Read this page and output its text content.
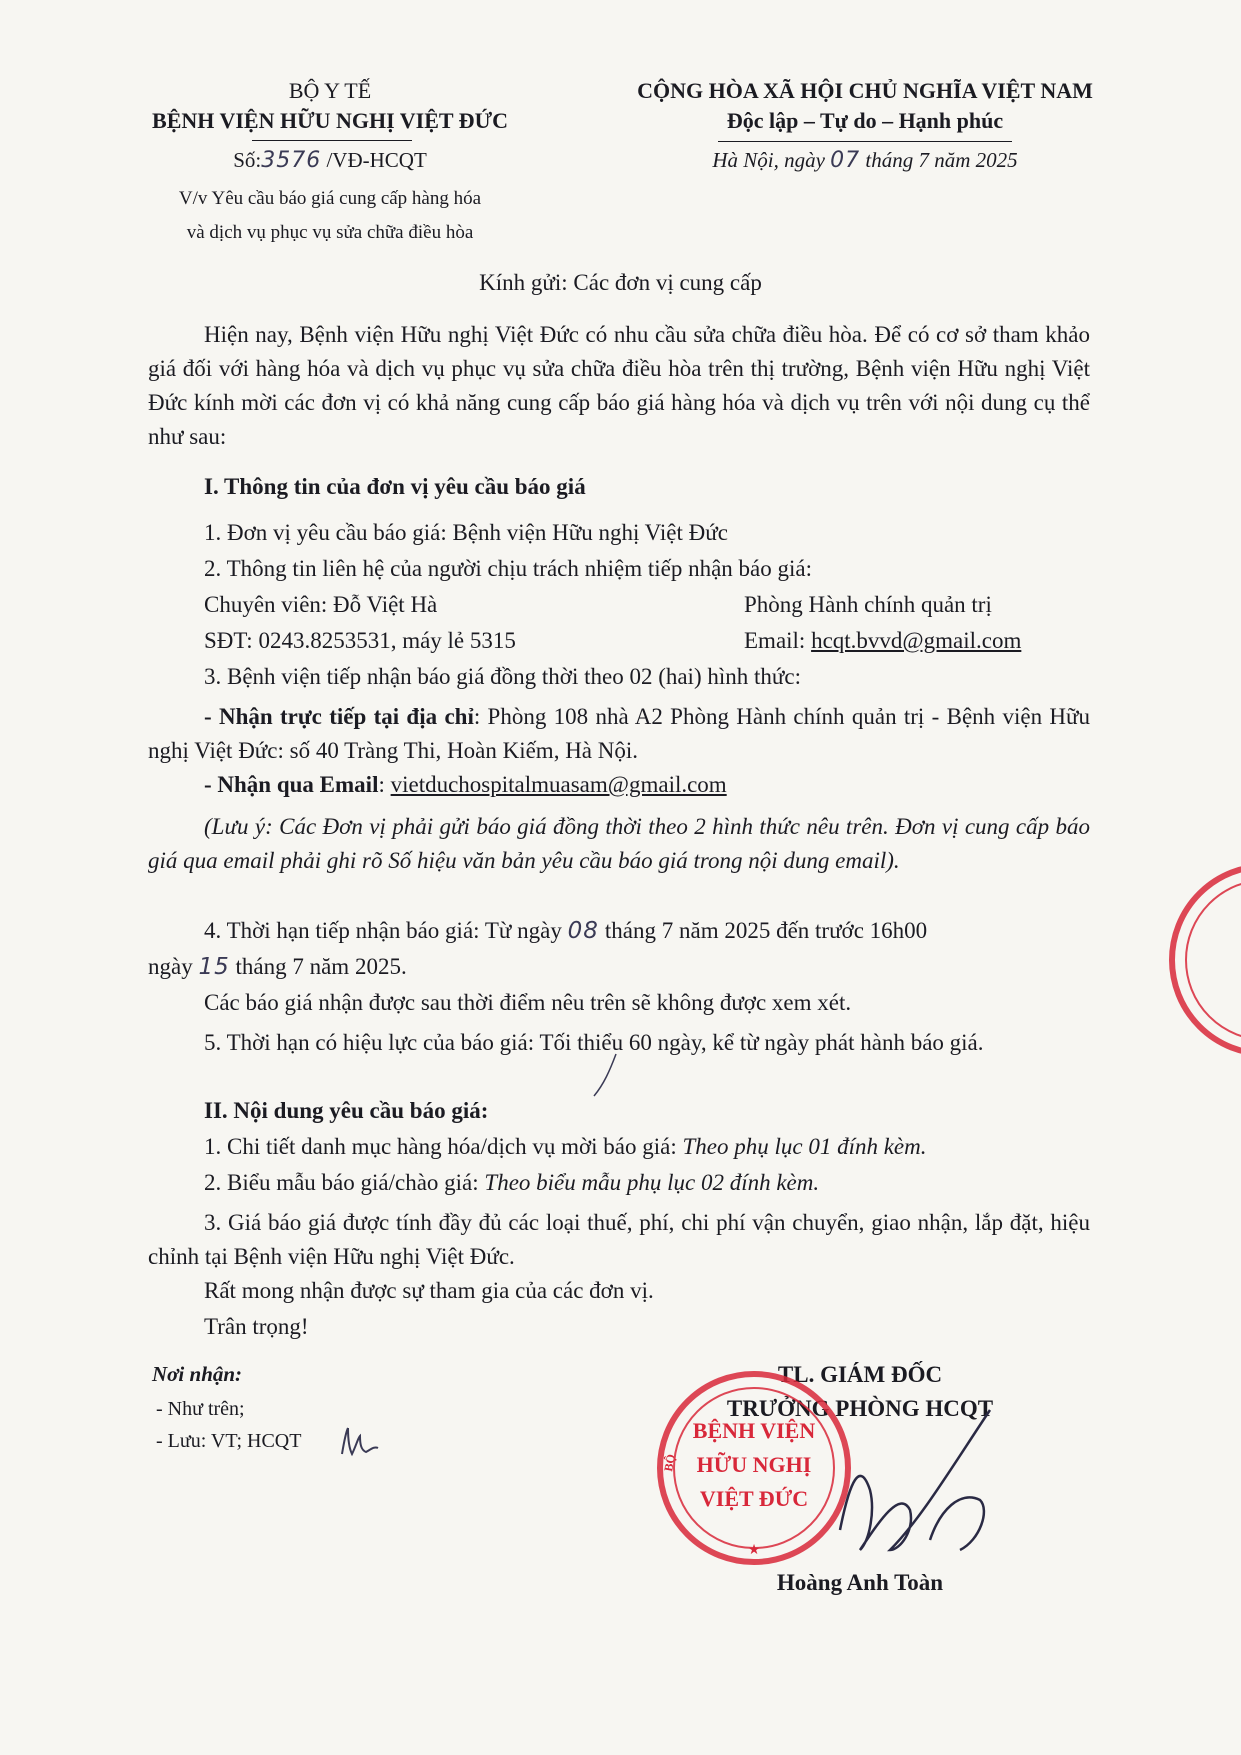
BỘ Y TẾ
BỆNH VIỆN HỮU NGHỊ VIỆT ĐỨC
Số:3576 /VĐ-HCQT
V/v Yêu cầu báo giá cung cấp hàng hóa
và dịch vụ phục vụ sửa chữa điều hòa
CỘNG HÒA XÃ HỘI CHỦ NGHĨA VIỆT NAM
Độc lập – Tự do – Hạnh phúc
Hà Nội, ngày 07 tháng 7 năm 2025
Kính gửi: Các đơn vị cung cấp
Hiện nay, Bệnh viện Hữu nghị Việt Đức có nhu cầu sửa chữa điều hòa. Để có cơ sở tham khảo giá đối với hàng hóa và dịch vụ phục vụ sửa chữa điều hòa trên thị trường, Bệnh viện Hữu nghị Việt Đức kính mời các đơn vị có khả năng cung cấp báo giá hàng hóa và dịch vụ trên với nội dung cụ thể như sau:
I. Thông tin của đơn vị yêu cầu báo giá
1. Đơn vị yêu cầu báo giá: Bệnh viện Hữu nghị Việt Đức
2. Thông tin liên hệ của người chịu trách nhiệm tiếp nhận báo giá:
Chuyên viên: Đỗ Việt Hà	Phòng Hành chính quản trị
SĐT: 0243.8253531, máy lẻ 5315	Email: hcqt.bvvd@gmail.com
3. Bệnh viện tiếp nhận báo giá đồng thời theo 02 (hai) hình thức:
- Nhận trực tiếp tại địa chỉ: Phòng 108 nhà A2 Phòng Hành chính quản trị - Bệnh viện Hữu nghị Việt Đức: số 40 Tràng Thi, Hoàn Kiếm, Hà Nội.
- Nhận qua Email: vietduchospitalmuasam@gmail.com
(Lưu ý: Các Đơn vị phải gửi báo giá đồng thời theo 2 hình thức nêu trên. Đơn vị cung cấp báo giá qua email phải ghi rõ Số hiệu văn bản yêu cầu báo giá trong nội dung email).
4. Thời hạn tiếp nhận báo giá: Từ ngày 08 tháng 7 năm 2025 đến trước 16h00
ngày 15 tháng 7 năm 2025.
Các báo giá nhận được sau thời điểm nêu trên sẽ không được xem xét.
5. Thời hạn có hiệu lực của báo giá: Tối thiểu 60 ngày, kể từ ngày phát hành báo giá.
II. Nội dung yêu cầu báo giá:
1. Chi tiết danh mục hàng hóa/dịch vụ mời báo giá: Theo phụ lục 01 đính kèm.
2. Biểu mẫu báo giá/chào giá: Theo biểu mẫu phụ lục 02 đính kèm.
3. Giá báo giá được tính đầy đủ các loại thuế, phí, chi phí vận chuyển, giao nhận, lắp đặt, hiệu chỉnh tại Bệnh viện Hữu nghị Việt Đức.
Rất mong nhận được sự tham gia của các đơn vị.
Trân trọng!
Nơi nhận:
- Như trên;
- Lưu: VT; HCQT
TL. GIÁM ĐỐC
TRƯỞNG PHÒNG HCQT
BỆNH VIỆN
HỮU NGHỊ
VIỆT ĐỨC
BỘ
★
Hoàng Anh Toàn
